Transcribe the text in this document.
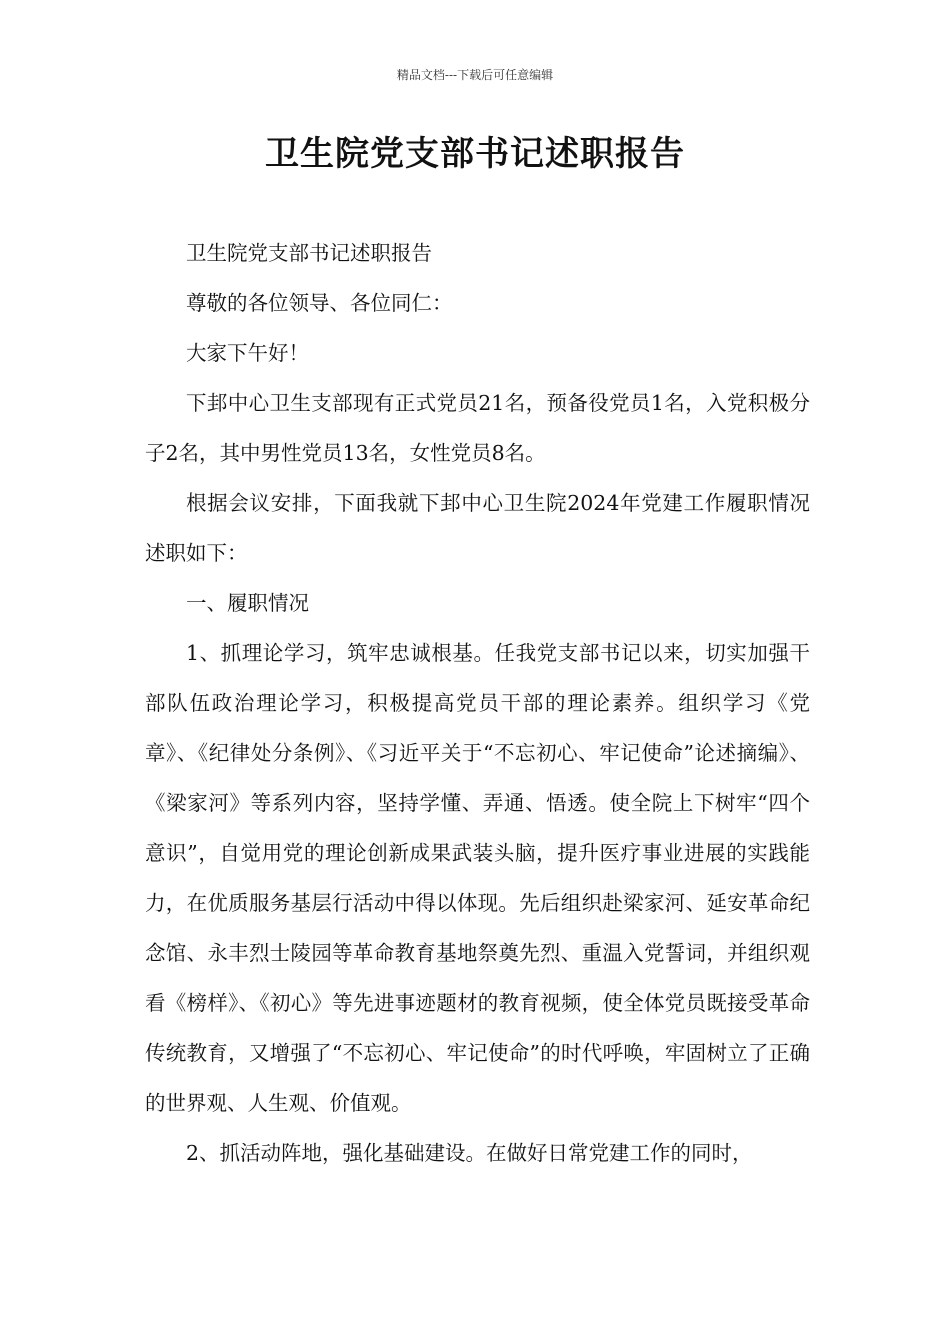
精品文档---下载后可任意编辑
卫生院党支部书记述职报告

卫生院党支部书记述职报告

尊敬的各位领导、各位同仁：

大家下午好！

下邽中心卫生支部现有正式党员21名，预备役党员1名，入党积极分子2名，其中男性党员13名，女性党员8名。

根据会议安排，下面我就下邽中心卫生院2024年党建工作履职情况述职如下：

一、履职情况

1、抓理论学习，筑牢忠诚根基。任我党支部书记以来，切实加强干部队伍政治理论学习，积极提高党员干部的理论素养。组织学习《党章》、《纪律处分条例》、《习近平关于“不忘初心、牢记使命”论述摘编》、《梁家河》等系列内容，坚持学懂、弄通、悟透。使全院上下树牢“四个意识”，自觉用党的理论创新成果武装头脑，提升医疗事业进展的实践能力，在优质服务基层行活动中得以体现。先后组织赴梁家河、延安革命纪念馆、永丰烈士陵园等革命教育基地祭奠先烈、重温入党誓词，并组织观看《榜样》、《初心》等先进事迹题材的教育视频，使全体党员既接受革命传统教育，又增强了“不忘初心、牢记使命”的时代呼唤，牢固树立了正确的世界观、人生观、价值观。

2、抓活动阵地，强化基础建设。在做好日常党建工作的同时，
